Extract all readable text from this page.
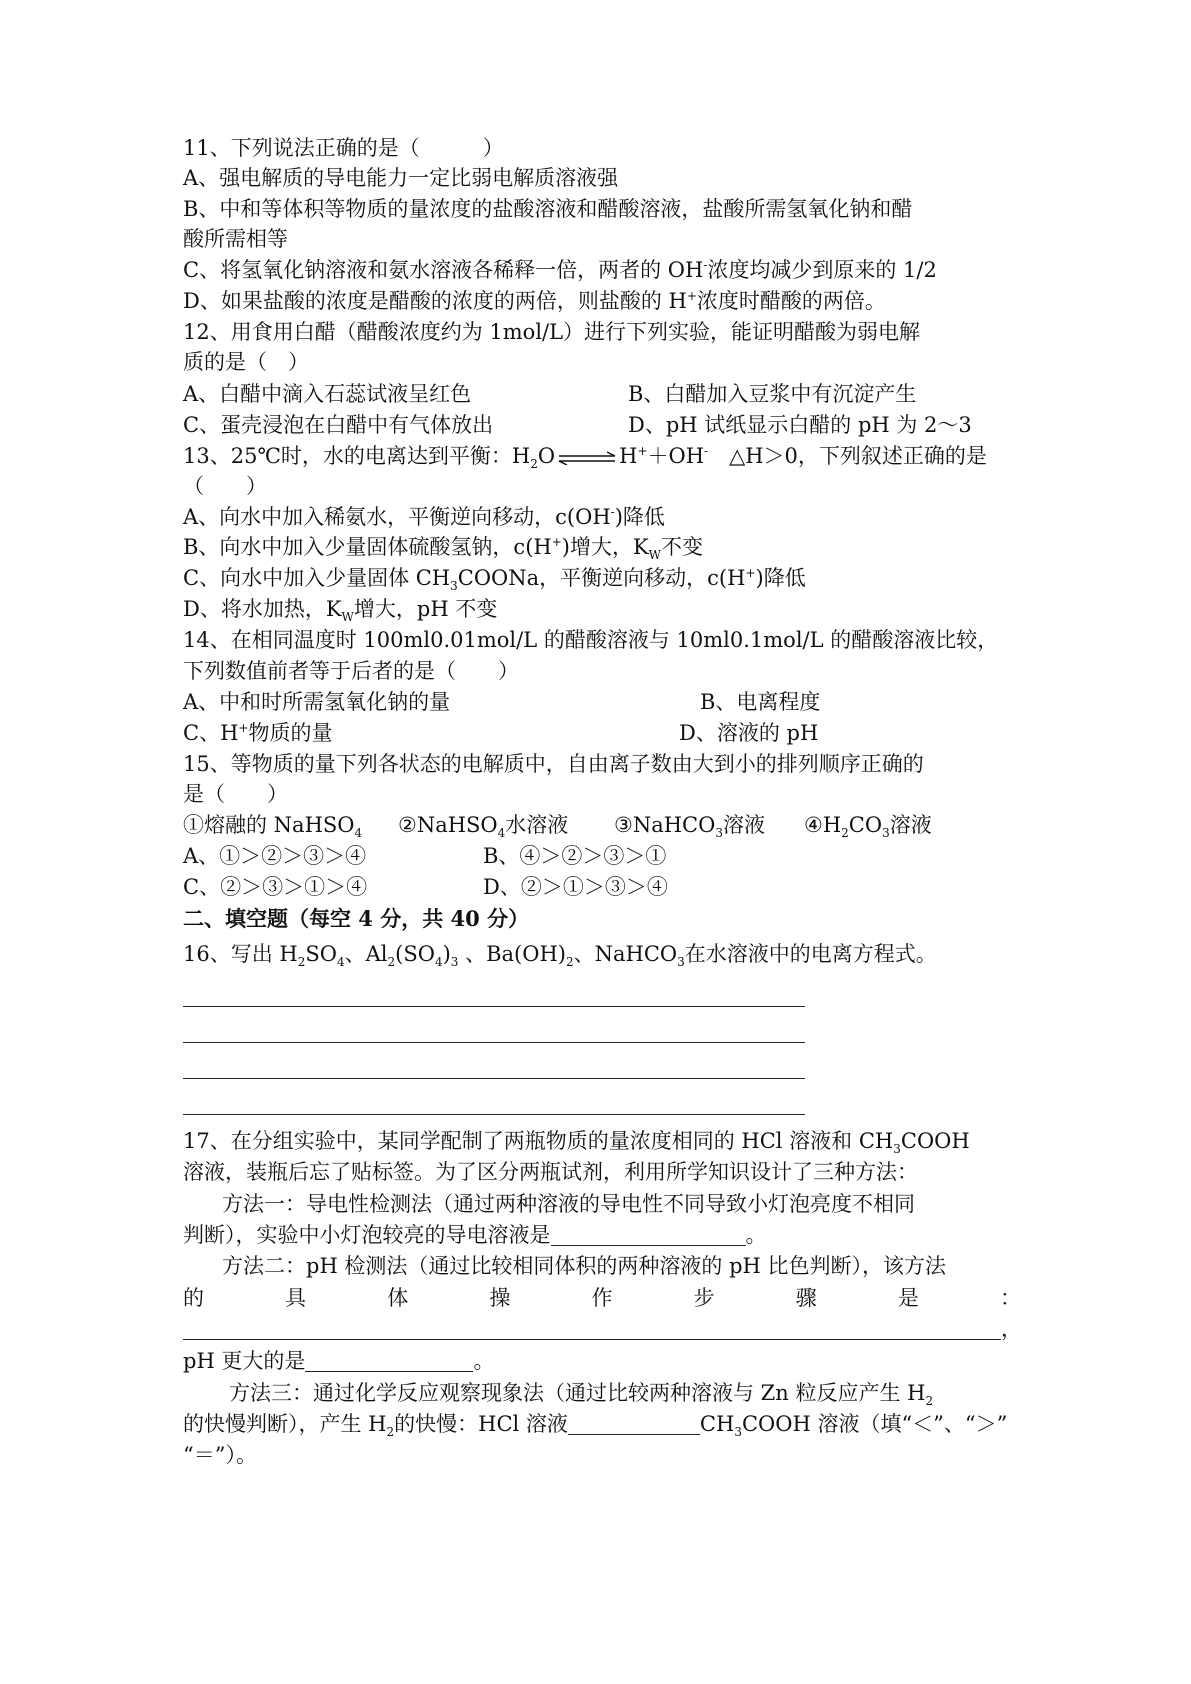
11、下列说法正确的是（　　　）
A、强电解质的导电能力一定比弱电解质溶液强
B、中和等体积等物质的量浓度的盐酸溶液和醋酸溶液，盐酸所需氢氧化钠和醋
酸所需相等
C、将氢氧化钠溶液和氨水溶液各稀释一倍，两者的 OH-浓度均减少到原来的 1/2
D、如果盐酸的浓度是醋酸的浓度的两倍，则盐酸的 H+浓度时醋酸的两倍。
12、用食用白醋（醋酸浓度约为 1mol/L）进行下列实验，能证明醋酸为弱电解
质的是（　）
A、白醋中滴入石蕊试液呈红色	B、白醋加入豆浆中有沉淀产生
C、蛋壳浸泡在白醋中有气体放出	D、pH 试纸显示白醋的 pH 为 2～3
13、25℃时，水的电离达到平衡：$H_2O$ ⇌ H+＋OH-　△H＞0，下列叙述正确的是
（　　）
A、向水中加入稀氨水，平衡逆向移动，c(OH-)降低
B、向水中加入少量固体硫酸氢钠，c(H+)增大，$K_W$不变
C、向水中加入少量固体 $CH_3COONa$，平衡逆向移动，c(H+)降低
D、将水加热，$K_W$增大，pH 不变
14、在相同温度时 100ml0.01mol/L 的醋酸溶液与 10ml0.1mol/L 的醋酸溶液比较，
下列数值前者等于后者的是（　　）
A、中和时所需氢氧化钠的量	B、电离程度
C、H+物质的量	D、溶液的 pH
15、等物质的量下列各状态的电解质中，自由离子数由大到小的排列顺序正确的
是（　　）
①熔融的 NaHSO$_4$ ②NaHSO$_4$水溶液 ③NaHCO$_3$溶液 $④H_2CO_3$溶液
A、①＞②＞③＞④	B、④＞②＞③＞①
C、②＞③＞①＞④	D、②＞①＞③＞④
二、填空题（每空 4 分，共 40 分）
16、写出 $H_2SO_4$、$Al_2(SO_4)_3$ 、$Ba(OH)_2$、NaHCO$_3$在水溶液中的电离方程式。
17、在分组实验中，某同学配制了两瓶物质的量浓度相同的 HCl 溶液和 $CH_3COOH$
溶液，装瓶后忘了贴标签。为了区分两瓶试剂，利用所学知识设计了三种方法：
方法一：导电性检测法（通过两种溶液的导电性不同导致小灯泡亮度不相同
判断），实验中小灯泡较亮的导电溶液是	。
方法二：pH 检测法（通过比较相同体积的两种溶液的 pH 比色判断），该方法
的	具	体	操	作	步	骤	是	：
，
pH 更大的是	。
方法三：通过化学反应观察现象法（通过比较两种溶液与 Zn 粒反应产生 $H_2$
的快慢判断），产生 $H_2$的快慢：HCl 溶液	$CH_3COOH$ 溶液（填“＜”、“＞”
“＝”）。
